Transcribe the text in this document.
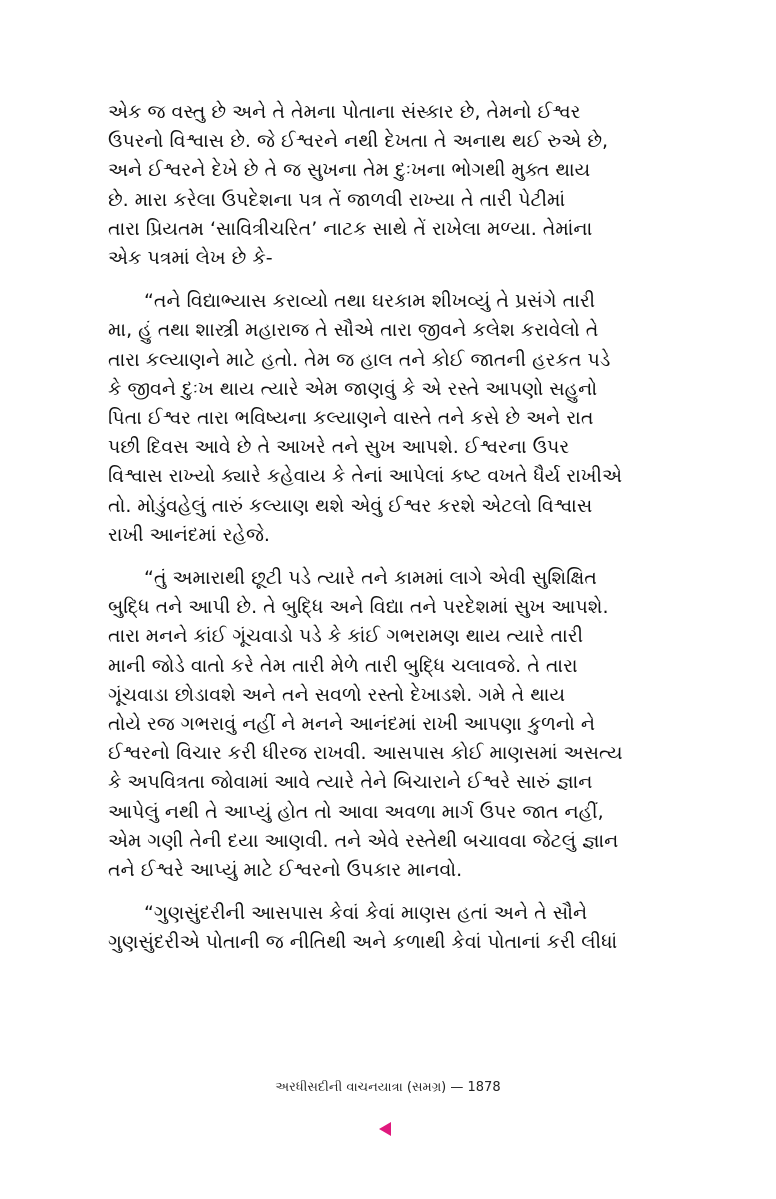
એક જ વસ્તુ છે અને તે તેમના પોતાના સંસ્કાર છે, તેમનો ઈશ્વર
ઉપરનો વિશ્વાસ છે. જે ઈશ્વરને નથી દેખતા તે અનાથ થઈ રુએ છે,
અને ઈશ્વરને દેખે છે તે જ સુખના તેમ દુઃખના ભોગથી મુક્ત થાય
છે. મારા કરેલા ઉપદેશના પત્ર તેં જાળવી રાખ્યા તે તારી પેટીમાં
તારા પ્રિયતમ ‘સાવિત્રીચરિત’ નાટક સાથે તેં રાખેલા મળ્યા. તેમાંના
એક પત્રમાં લેખ છે કે-

“તને વિદ્યાભ્યાસ કરાવ્યો તથા ઘરકામ શીખવ્યું તે પ્રસંગે તારી
મા, હું તથા શાસ્ત્રી મહારાજ તે સૌએ તારા જીવને કલેશ કરાવેલો તે
તારા કલ્યાણને માટે હતો. તેમ જ હાલ તને કોઈ જાતની હરકત પડે
કે જીવને દુઃખ થાય ત્યારે એમ જાણવું કે એ રસ્તે આપણો સહુનો
પિતા ઈશ્વર તારા ભવિષ્યના કલ્યાણને વાસ્તે તને કસે છે અને રાત
પછી દિવસ આવે છે તે આખરે તને સુખ આપશે. ઈશ્વરના ઉપર
વિશ્વાસ રાખ્યો ક્યારે કહેવાય કે તેનાં આપેલાં કષ્ટ વખતે ધૈર્ય રાખીએ
તો. મોડુંવહેલું તારું કલ્યાણ થશે એવું ઈશ્વર કરશે એટલો વિશ્વાસ
રાખી આનંદમાં રહેજે.

“તું અમારાથી છૂટી પડે ત્યારે તને કામમાં લાગે એવી સુશિક્ષિત
બુદ્ધિ તને આપી છે. તે બુદ્ધિ અને વિદ્યા તને પરદેશમાં સુખ આપશે.
તારા મનને કાંઈ ગૂંચવાડો પડે કે કાંઈ ગભરામણ થાય ત્યારે તારી
માની જોડે વાતો કરે તેમ તારી મેળે તારી બુદ્ધિ ચલાવજે. તે તારા
ગૂંચવાડા છોડાવશે અને તને સવળો રસ્તો દેખાડશે. ગમે તે થાય
તોયે રજ ગભરાવું નહીં ને મનને આનંદમાં રાખી આપણા કુળનો ને
ઈશ્વરનો વિચાર કરી ધીરજ રાખવી. આસપાસ કોઈ માણસમાં અસત્ય
કે અપવિત્રતા જોવામાં આવે ત્યારે તેને બિચારાને ઈશ્વરે સારું જ્ઞાન
આપેલું નથી તે આપ્યું હોત તો આવા અવળા માર્ગ ઉપર જાત નહીં,
એમ ગણી તેની દયા આણવી. તને એવે રસ્તેથી બચાવવા જેટલું જ્ઞાન
તને ઈશ્વરે આપ્યું માટે ઈશ્વરનો ઉપકાર માનવો.

“ગુણસુંદરીની આસપાસ કેવાં કેવાં માણસ હતાં અને તે સૌને
ગુણસુંદરીએ પોતાની જ નીતિથી અને કળાથી કેવાં પોતાનાં કરી લીધાં

અરધીસદીની વાચનયાત્રા (સમગ્ર) — 1878
